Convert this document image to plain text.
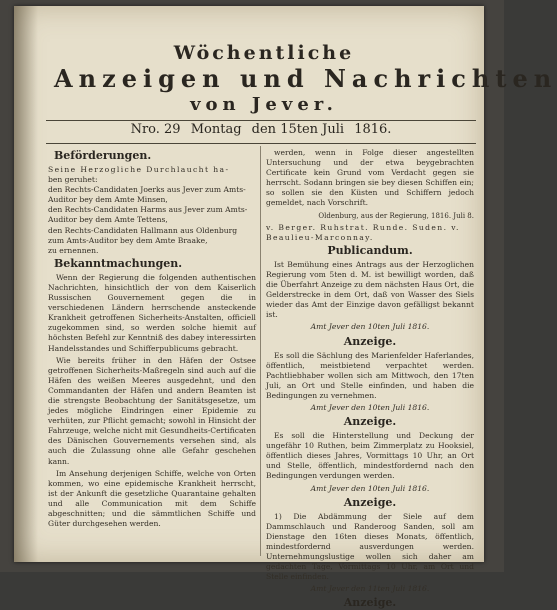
Wöchentliche
Anzeigen und Nachrichten
von Jever.
Nro. 29 Montag den 15ten Juli 1816.
Beförderungen.
Seine Herzogliche Durchlaucht ha-
ben geruhet:
den Rechts-Candidaten Joerks aus Jever zum Amts-
Auditor bey dem Amte Minsen,
den Rechts-Candidaten Harms aus Jever zum Amts-
Auditor bey dem Amte Tettens,
den Rechts-Candidaten Hallmann aus Oldenburg
zum Amts-Auditor bey dem Amte Braake,
zu ernennen.
Bekanntmachungen.

Wenn der Regierung die folgenden authentischen Nachrichten, hinsichtlich der von dem Kaiserlich Russischen Gouvernement gegen die in verschiedenen Ländern herrschende ansteckende Krankheit getroffenen Sicherheits-Anstalten, officiell zugekommen sind, so werden solche hiemit auf höchsten Befehl zur Kenntniß des dabey interessirten Handelsstandes und Schifferpublicums gebracht.

Wie bereits früher in den Häfen der Ostsee getroffenen Sicherheits-Maßregeln sind auch auf die Häfen des weißen Meeres ausgedehnt, und den Commandanten der Häfen und andern Beamten ist die strengste Beobachtung der Sanitätsgesetze, um jedes mögliche Eindringen einer Epidemie zu verhüten, zur Pflicht gemacht; sowohl in Hinsicht der Fahrzeuge, welche nicht mit Gesundheits-Certificaten des Dänischen Gouvernements versehen sind, als auch die Zulassung ohne alle Gefahr geschehen kann.

Im Ansehung derjenigen Schiffe, welche von Orten kommen, wo eine epidemische Krankheit herrscht, ist der Ankunft die gesetzliche Quarantaine gehalten und alle Communication mit dem Schiffe abgeschnitten; und die sämmtlichen Schiffe und Güter durchgesehen werden.

werden, wenn in Folge dieser angestellten Untersuchung und der etwa beygebrachten Certificate kein Grund vom Verdacht gegen sie herrscht. Sodann bringen sie bey diesen Schiffen ein; so sollen sie den Küsten und Schiffern jedoch gemeldet, nach Vorschrift.

Oldenburg, aus der Regierung, 1816. Juli 8.
v. Berger. Ruhstrat. Runde. Suden. v. Beaulieu-Marconnay.
Publicandum.

Ist Bemühung eines Antrags aus der Herzoglichen Regierung vom 5ten d. M. ist bewilligt worden, daß die Überfahrt Anzeige zu dem nächsten Haus Ort, die Gelderstrecke in dem Ort, daß von Wasser des Siels wieder das Amt der Einzige davon gefälligst bekannt ist.

Amt Jever den 10ten Juli 1816.
Anzeige.

Es soll die Sächlung des Marienfelder Haferlandes, öffentlich, meistbietend verpachtet werden. Pachtliebhaber wollen sich am Mittwoch, den 17ten Juli, an Ort und Stelle einfinden, und haben die Bedingungen zu vernehmen.

Amt Jever den 10ten Juli 1816.
Anzeige.

Es soll die Hinterstellung und Deckung der ungefähr 10 Ruthen, beim Zimmerplatz zu Hooksiel, öffentlich dieses Jahres, Vormittags 10 Uhr, an Ort und Stelle, öffentlich, mindestfordernd nach den Bedingungen verdungen werden.

Amt Jever den 10ten Juli 1816.
Anzeige.

1) Die Abdämmung der Siele auf dem Dammschlauch und Randeroog Sanden, soll am Dienstage den 16ten dieses Monats, öffentlich, mindestfordernd ausverdungen werden. Unternehmungslustige wollen sich daher am gedachten Tage, Vormittags 10 Uhr, am Ort und Stelle einfinden.

Amt Jever den 11ten Juli 1816.
Anzeige.
